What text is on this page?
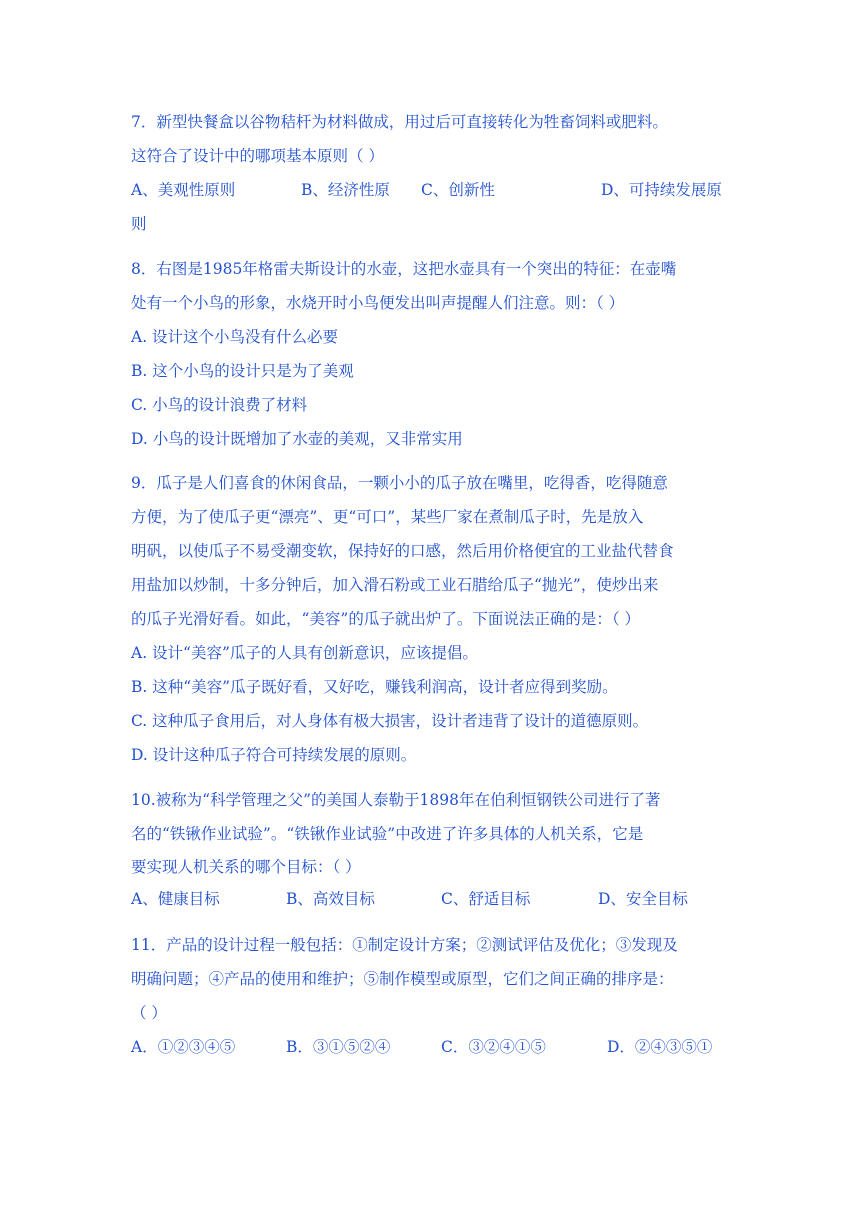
7．新型快餐盒以谷物秸杆为材料做成，用过后可直接转化为牲畜饲料或肥料。
这符合了设计中的哪项基本原则（ ）
A、美观性原则	B、经济性原 C、创新性	D、可持续发展原
则
8．右图是1985年格雷夫斯设计的水壶，这把水壶具有一个突出的特征：在壶嘴
处有一个小鸟的形象，水烧开时小鸟便发出叫声提醒人们注意。则：（ ）
A. 设计这个小鸟没有什么必要
B. 这个小鸟的设计只是为了美观
C. 小鸟的设计浪费了材料
D. 小鸟的设计既增加了水壶的美观，又非常实用
9．瓜子是人们喜食的休闲食品，一颗小小的瓜子放在嘴里，吃得香，吃得随意
方便，为了使瓜子更“漂亮”、更“可口”，某些厂家在煮制瓜子时，先是放入
明矾，以使瓜子不易受潮变软，保持好的口感，然后用价格便宜的工业盐代替食
用盐加以炒制，十多分钟后，加入滑石粉或工业石腊给瓜子“抛光”，使炒出来
的瓜子光滑好看。如此，“美容”的瓜子就出炉了。下面说法正确的是：（ ）
A. 设计“美容”瓜子的人具有创新意识，应该提倡。
B. 这种“美容”瓜子既好看，又好吃，赚钱利润高，设计者应得到奖励。
C. 这种瓜子食用后，对人身体有极大损害，设计者违背了设计的道德原则。
D. 设计这种瓜子符合可持续发展的原则。
10.被称为“科学管理之父”的美国人泰勒于1898年在伯利恒钢铁公司进行了著
名的“铁锹作业试验”。“铁锹作业试验”中改进了许多具体的人机关系，它是
要实现人机关系的哪个目标：（ ）
A、健康目标	B、高效目标	C、舒适目标	D、安全目标
11．产品的设计过程一般包括：①制定设计方案；②测试评估及优化；③发现及
明确问题；④产品的使用和维护；⑤制作模型或原型，它们之间正确的排序是：
（ ）
A．①②③④⑤	B．③①⑤②④	C．③②④①⑤	D．②④③⑤①
